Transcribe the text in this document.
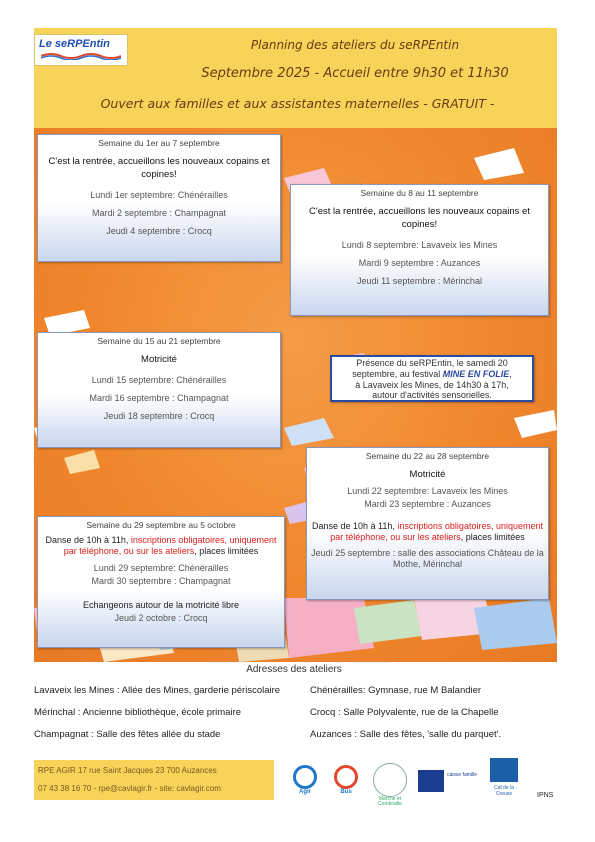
Le seRPEntin	Planning des ateliers du seRPEntin
Septembre 2025 - Accueil entre 9h30 et 11h30
Ouvert aux familles et aux assistantes maternelles - GRATUIT -
Semaine du 1er au 7 septembre
C'est la rentrée, accueillons les nouveaux copains et copines!
Lundi 1er septembre: Chénérailles
Mardi 2 septembre : Champagnat
Jeudi 4 septembre : Crocq
Semaine du 8 au 11 septembre
C'est la rentrée, accueillons les nouveaux copains et copines!
Lundi 8 septembre: Lavaveix les Mines
Mardi 9 septembre : Auzances
Jeudi 11 septembre : Mérinchal
Semaine du 15 au 21 septembre
Motricité
Lundi 15 septembre: Chénérailles
Mardi 16 septembre : Champagnat
Jeudi 18 septembre : Crocq
Présence du seRPEntin, le samedi 20
septembre, au festival MINE EN FOLIE,
à Lavaveix les Mines, de 14h30 à 17h,
autour d'activités sensorielles.
Semaine du 22 au 28 septembre
Motricité
Lundi 22 septembre: Lavaveix les Mines
Mardi 23 septembre : Auzances
Danse de 10h à 11h, inscriptions obligatoires, uniquement par téléphone, ou sur les ateliers, places limitées
Jeudi 25 septembre : salle des associations Château de la Mothe, Mérinchal
Semaine du 29 septembre au 5 octobre
Danse de 10h à 11h, inscriptions obligatoires, uniquement par téléphone, ou sur les ateliers, places limitées
Lundi 29 septembre: Chénérailles
Mardi 30 septembre : Champagnat
Echangeons autour de la motricité libre
Jeudi 2 octobre : Crocq
Adresses des ateliers
Lavaveix les Mines : Allée des Mines, garderie périscolaire
Mérinchal : Ancienne bibliothèque, école primaire
Champagnat : Salle des fêtes allée du stade
Chénérailles: Gymnase, rue M Balandier
Crocq : Salle Polyvalente, rue de la Chapelle
Auzances : Salle des fêtes, 'salle du parquet'.
RPE AGIR 17 rue Saint Jacques 23 700 Auzances
07 43 38 16 70 - rpe@cavlagir.fr - site: cavlagir.com	Agir	Bus
Marche et Combraille
caisse famille
Caf de la Creuse	IPNS
